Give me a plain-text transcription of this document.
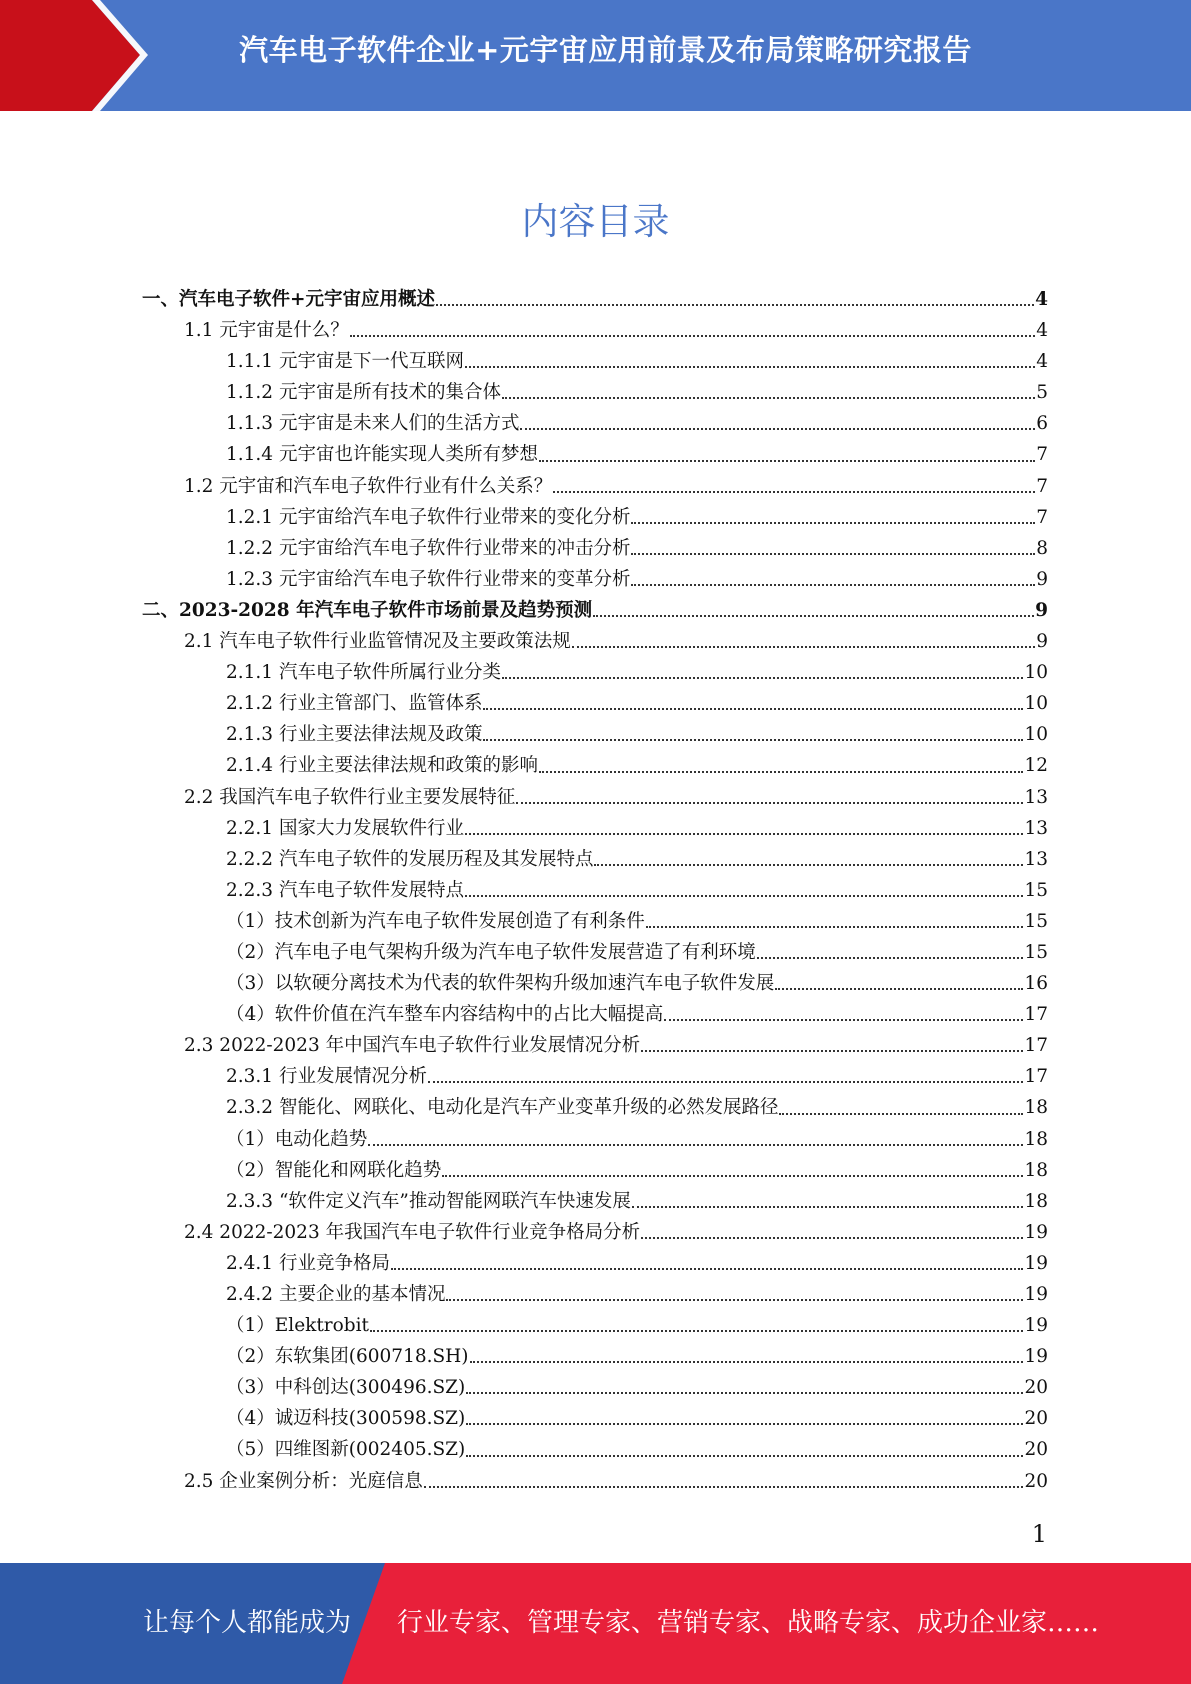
汽车电子软件企业+元宇宙应用前景及布局策略研究报告
内容目录
一、汽车电子软件+元宇宙应用概述	4
1.1 元宇宙是什么？	4
1.1.1 元宇宙是下一代互联网	4
1.1.2 元宇宙是所有技术的集合体	5
1.1.3 元宇宙是未来人们的生活方式	6
1.1.4 元宇宙也许能实现人类所有梦想	7
1.2 元宇宙和汽车电子软件行业有什么关系？	7
1.2.1 元宇宙给汽车电子软件行业带来的变化分析	7
1.2.2 元宇宙给汽车电子软件行业带来的冲击分析	8
1.2.3 元宇宙给汽车电子软件行业带来的变革分析	9
二、2023-2028 年汽车电子软件市场前景及趋势预测	9
2.1 汽车电子软件行业监管情况及主要政策法规	9
2.1.1 汽车电子软件所属行业分类	10
2.1.2 行业主管部门、监管体系	10
2.1.3 行业主要法律法规及政策	10
2.1.4 行业主要法律法规和政策的影响	12
2.2 我国汽车电子软件行业主要发展特征	13
2.2.1 国家大力发展软件行业	13
2.2.2 汽车电子软件的发展历程及其发展特点	13
2.2.3 汽车电子软件发展特点	15
（1）技术创新为汽车电子软件发展创造了有利条件	15
（2）汽车电子电气架构升级为汽车电子软件发展营造了有利环境	15
（3）以软硬分离技术为代表的软件架构升级加速汽车电子软件发展	16
（4）软件价值在汽车整车内容结构中的占比大幅提高	17
2.3 2022-2023 年中国汽车电子软件行业发展情况分析	17
2.3.1 行业发展情况分析	17
2.3.2 智能化、网联化、电动化是汽车产业变革升级的必然发展路径	18
（1）电动化趋势	18
（2）智能化和网联化趋势	18
2.3.3 “软件定义汽车”推动智能网联汽车快速发展	18
2.4 2022-2023 年我国汽车电子软件行业竞争格局分析	19
2.4.1 行业竞争格局	19
2.4.2 主要企业的基本情况	19
（1）Elektrobit	19
（2）东软集团(600718.SH)	19
（3）中科创达(300496.SZ)	20
（4）诚迈科技(300598.SZ)	20
（5）四维图新(002405.SZ)	20
2.5 企业案例分析：光庭信息	20
1
让每个人都能成为 行业专家、管理专家、营销专家、战略专家、成功企业家……
